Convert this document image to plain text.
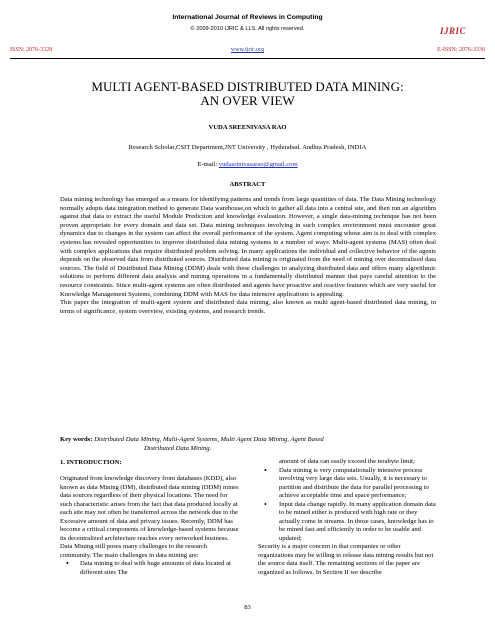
International Journal of Reviews in Computing
© 2009-2010 IJRIC & LLS. All rights reserved.	IJRIC
ISSN: 2076-3328	www.ijric.org	E-ISSN: 2076-3336
MULTI AGENT-BASED DISTRIBUTED DATA MINING:
AN OVER VIEW
VUDA SREENIVASA RAO
Research Scholar,CSIT Department,JNT University , Hyderabad. Andhra Pradesh, INDIA
E-mail: vudasrinivasarao@gmail.com
ABSTRACT
Data mining technology has emerged as a means for identifying patterns and trends from large quantities of data. The Data Mining technology normally adopts data integration method to generate Data warehouse,on which to gather all data into a central site, and then run an algorithm against that data to extract the useful Module Prediction and knowledge evaluation. However, a single data-mining technique has not been proven appropriate for every domain and data set. Data mining techniques involving in such complex environment must encounter great dynamics due to changes in the system can affect the overall performance of the system. Agent computing whose aim is to deal with complex systems has revealed opportunities to improve distributed data mining systems in a number of ways. Multi-agent systems (MAS) often deal with complex applications that require distributed problem solving. In many applications the individual and collective behavior of the agents depends on the observed data from distributed sources. Distributed data mining is originated from the need of mining over decentralized data sources. The field of Distributed Data Mining (DDM) deals with these challenges in analyzing distributed data and offers many algorithmic solutions to perform different data analysis and mining operations in a fundamentally distributed manner that pays careful attention to the resource constraints. Since multi-agent systems are often distributed and agents have proactive and reactive features which are very useful for Knowledge Management Systems, combining DDM with MAS for data intensive applications is appealing.
This paper the integration of multi-agent system and distributed data mining, also known as multi agent-based distributed data mining, in terms of significance, system overview, existing systems, and research trends.
Key words: Distributed Data Mining, Multi-Agent Systems, Multi Agent Data Mining, Agent Based
Distributed Data Mining.
1. INTRODUCTION:

Originated from knowledge discovery from databases (KDD), also known as data Mining (DM), distributed data mining (DDM) mines data sources regardless of their physical locations. The need for such characteristic arises from the fact that data produced locally at each site may not often be transferred across the network due to the Excessive amount of data and privacy issues. Recently, DDM has become a critical components of knowledge-based systems because its decentralized architecture reaches every networked business.

Data Mining still poses many challenges to the research community. The main challenges in data mining are:

• Data mining to deal with huge amounts of data located at different sites The
amount of data can easily exceed the terabyte limit;
• Data mining is very computationally intensive process involving very large data sets. Usually, it is necessary to partition and distribute the data for parallel processing to achieve acceptable time and space performance;
• Input data change rapidly. In many application domain data to be mined either is produced with high rate or they actually come in streams. In those cases, knowledge has to be mined fast and efficiently in order to be usable and updated;

Security is a major concern in that companies or other organizations may be willing to release data mining results but not the source data itself. The remaining sections of the paper are organized as follows. In Section II we describe

83
